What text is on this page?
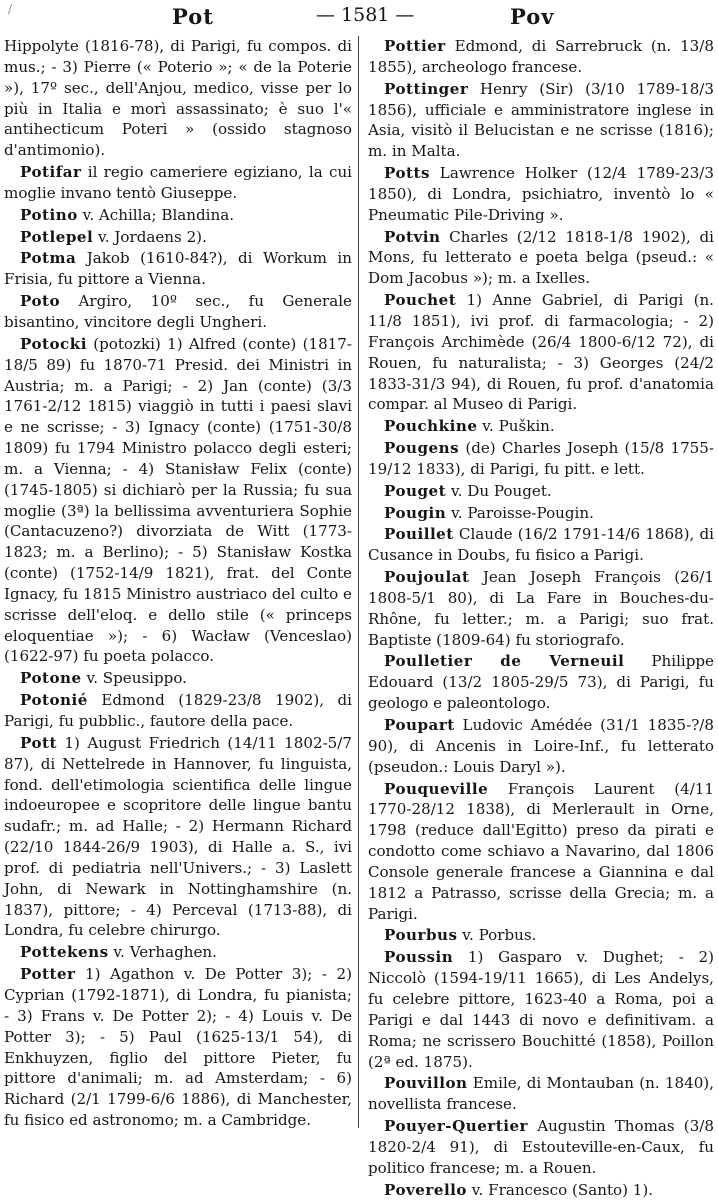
/	Pot	— 1581 —	Pov

Hippolyte (1816-78), di Parigi, fu compos. di mus.; - 3) Pierre (« Poterio »; « de la Poterie »), 17º sec., dell'Anjou, medico, visse per lo più in Italia e morì assassinato; è suo l'« antihecticum Poteri » (ossido stagnoso d'antimonio).

Potifar il regio cameriere egiziano, la cui moglie invano tentò Giuseppe.

Potino v. Achilla; Blandina.

Potlepel v. Jordaens 2).

Potma Jakob (1610-84?), di Workum in Frisia, fu pittore a Vienna.

Poto Argiro, 10º sec., fu Generale bisantino, vincitore degli Ungheri.

Potocki (potozki) 1) Alfred (conte) (1817-18/5 89) fu 1870-71 Presid. dei Ministri in Austria; m. a Parigi; - 2) Jan (conte) (3/3 1761-2/12 1815) viaggiò in tutti i paesi slavi e ne scrisse; - 3) Ignacy (conte) (1751-30/8 1809) fu 1794 Ministro polacco degli esteri; m. a Vienna; - 4) Stanisław Felix (conte) (1745-1805) si dichiarò per la Russia; fu sua moglie (3ª) la bellissima avventuriera Sophie (Cantacuzeno?) divorziata de Witt (1773-1823; m. a Berlino); - 5) Stanisław Kostka (conte) (1752-14/9 1821), frat. del Conte Ignacy, fu 1815 Ministro austriaco del culto e scrisse dell'eloq. e dello stile (« princeps eloquentiae »); - 6) Wacław (Venceslao) (1622-97) fu poeta polacco.

Potone v. Speusippo.

Potonié Edmond (1829-23/8 1902), di Parigi, fu pubblic., fautore della pace.

Pott 1) August Friedrich (14/11 1802-5/7 87), di Nettelrede in Hannover, fu linguista, fond. dell'etimologia scientifica delle lingue indoeuropee e scopritore delle lingue bantu sudafr.; m. ad Halle; - 2) Hermann Richard (22/10 1844-26/9 1903), di Halle a. S., ivi prof. di pediatria nell'Univers.; - 3) Laslett John, di Newark in Nottinghamshire (n. 1837), pittore; - 4) Perceval (1713-88), di Londra, fu celebre chirurgo.

Pottekens v. Verhaghen.

Potter 1) Agathon v. De Potter 3); - 2) Cyprian (1792-1871), di Londra, fu pianista; - 3) Frans v. De Potter 2); - 4) Louis v. De Potter 3); - 5) Paul (1625-13/1 54), di Enkhuyzen, figlio del pittore Pieter, fu pittore d'animali; m. ad Amsterdam; - 6) Richard (2/1 1799-6/6 1886), di Manchester, fu fisico ed astronomo; m. a Cambridge.

Pottier Edmond, di Sarrebruck (n. 13/8 1855), archeologo francese.

Pottinger Henry (Sir) (3/10 1789-18/3 1856), ufficiale e amministratore inglese in Asia, visitò il Belucistan e ne scrisse (1816); m. in Malta.

Potts Lawrence Holker (12/4 1789-23/3 1850), di Londra, psichiatro, inventò lo « Pneumatic Pile-Driving ».

Potvin Charles (2/12 1818-1/8 1902), di Mons, fu letterato e poeta belga (pseud.: « Dom Jacobus »); m. a Ixelles.

Pouchet 1) Anne Gabriel, di Parigi (n. 11/8 1851), ivi prof. di farmacologia; - 2) François Archimède (26/4 1800-6/12 72), di Rouen, fu naturalista; - 3) Georges (24/2 1833-31/3 94), di Rouen, fu prof. d'anatomia compar. al Museo di Parigi.

Pouchkine v. Puškin.

Pougens (de) Charles Joseph (15/8 1755-19/12 1833), di Parigi, fu pitt. e lett.

Pouget v. Du Pouget.

Pougin v. Paroisse-Pougin.

Pouillet Claude (16/2 1791-14/6 1868), di Cusance in Doubs, fu fisico a Parigi.

Poujoulat Jean Joseph François (26/1 1808-5/1 80), di La Fare in Bouches-du-Rhône, fu letter.; m. a Parigi; suo frat. Baptiste (1809-64) fu storiografo.

Poulletier de Verneuil Philippe Edouard (13/2 1805-29/5 73), di Parigi, fu geologo e paleontologo.

Poupart Ludovic Amédée (31/1 1835-?/8 90), di Ancenis in Loire-Inf., fu letterato (pseudon.: Louis Daryl »).

Pouqueville François Laurent (4/11 1770-28/12 1838), di Merlerault in Orne, 1798 (reduce dall'Egitto) preso da pirati e condotto come schiavo a Navarino, dal 1806 Console generale francese a Giannina e dal 1812 a Patrasso, scrisse della Grecia; m. a Parigi.

Pourbus v. Porbus.

Poussin 1) Gasparo v. Dughet; - 2) Niccolò (1594-19/11 1665), di Les Andelys, fu celebre pittore, 1623-40 a Roma, poi a Parigi e dal 1443 di novo e definitivam. a Roma; ne scrissero Bouchitté (1858), Poillon (2ª ed. 1875).

Pouvillon Emile, di Montauban (n. 1840), novellista francese.

Pouyer-Quertier Augustin Thomas (3/8 1820-2/4 91), di Estouteville-en-Caux, fu politico francese; m. a Rouen.

Poverello v. Francesco (Santo) 1).
